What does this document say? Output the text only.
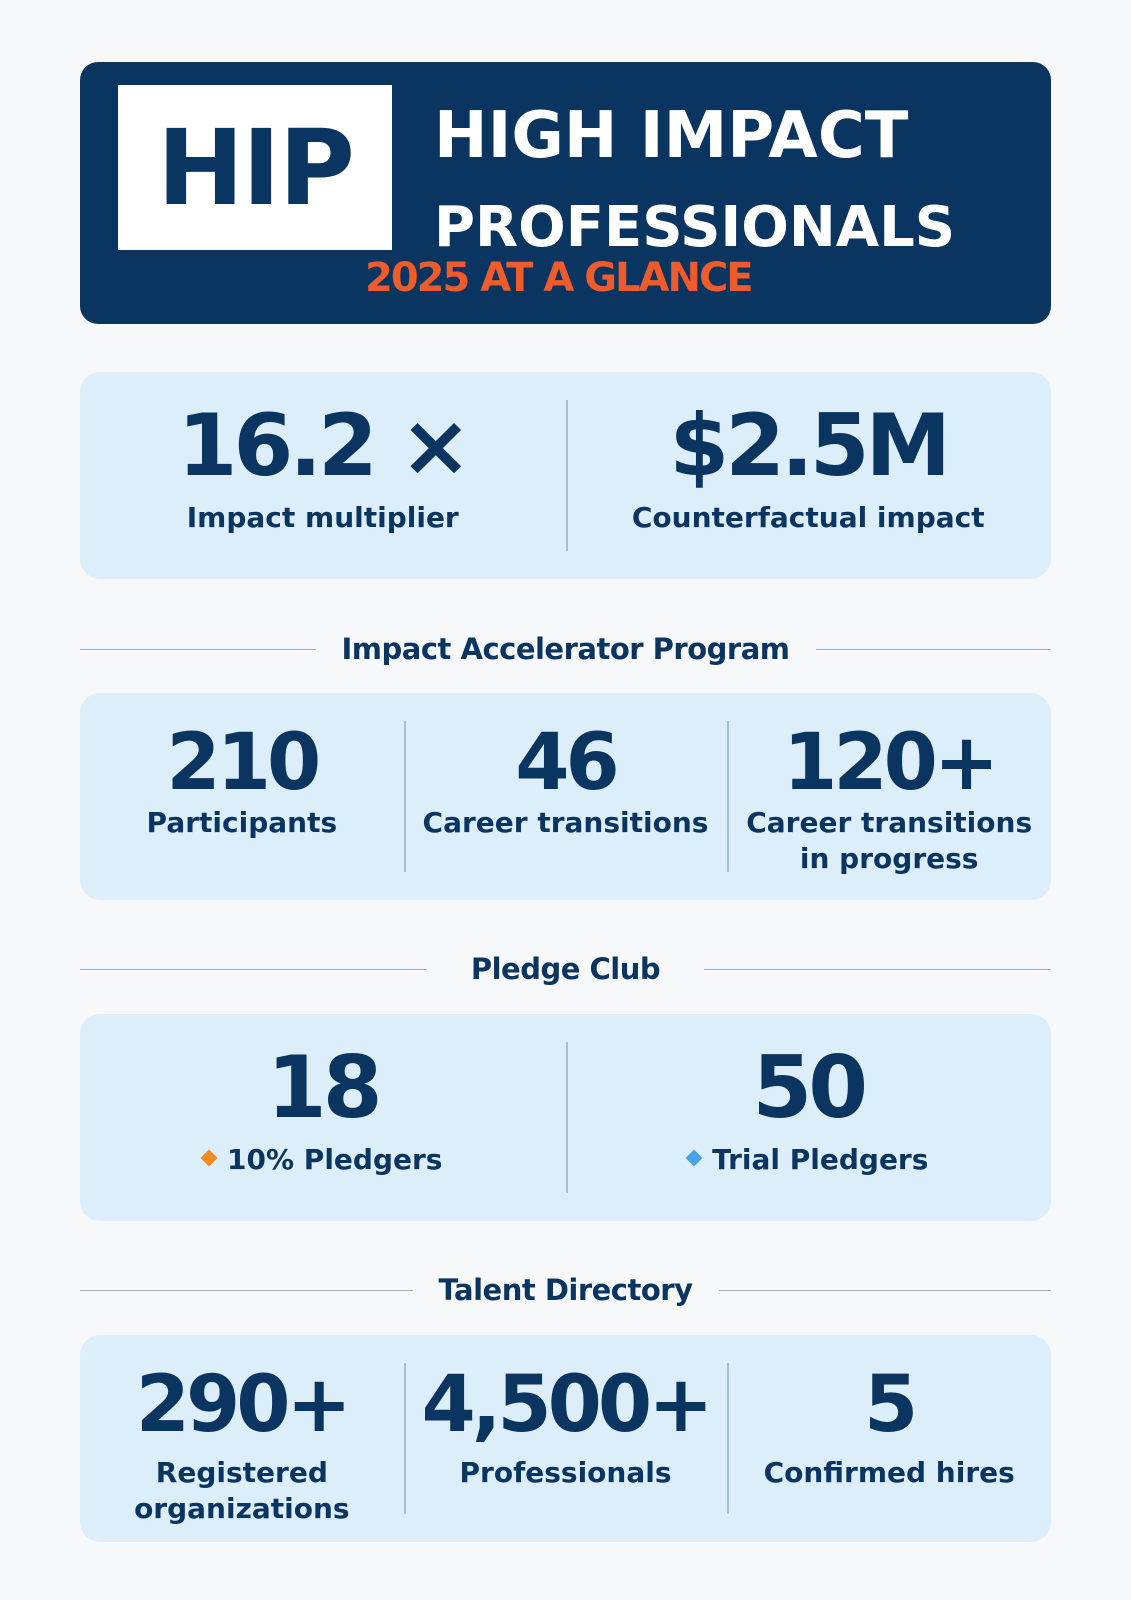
HIP HIGH IMPACT
PROFESSIONALS
2025 AT A GLANCE
16.2 ×
Impact multiplier
$2.5M
Counterfactual impact
Impact Accelerator Program
210
Participants
46
Career transitions
120+
Career transitions
in progress
Pledge Club
18
10% Pledgers
50
Trial Pledgers
Talent Directory
290+
Registered
organizations
4,500+
Professionals
5
Confirmed hires
